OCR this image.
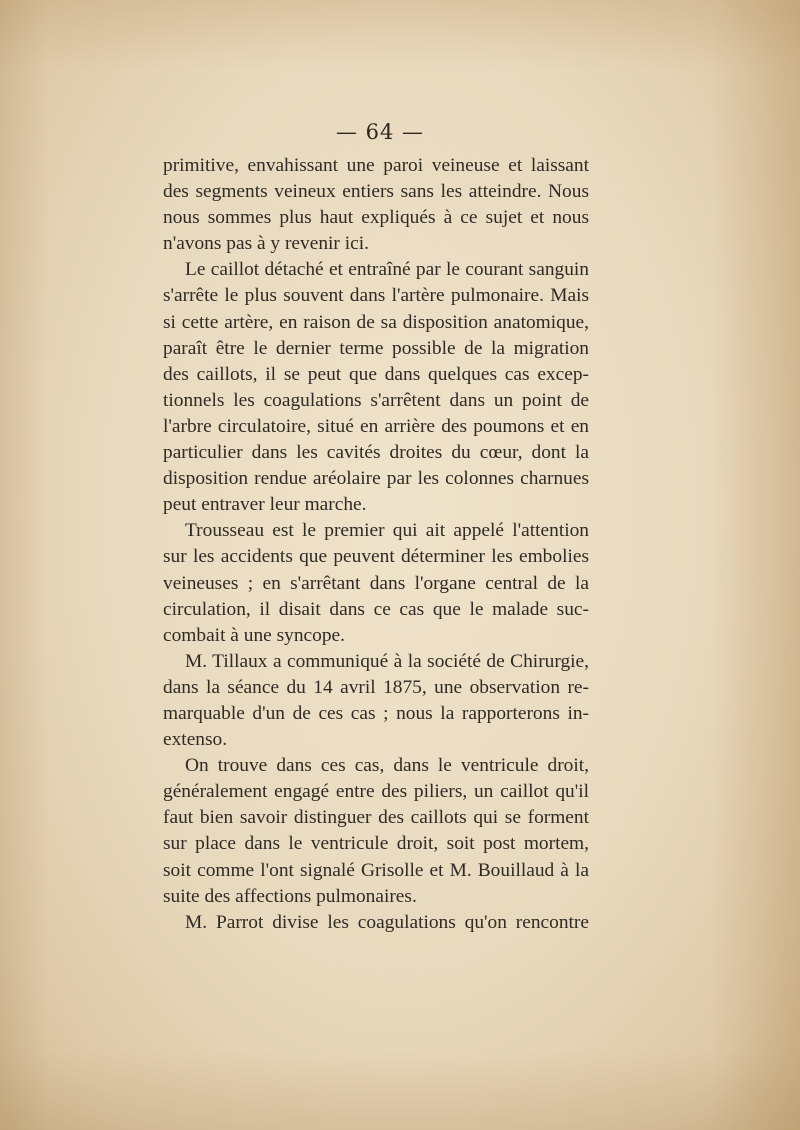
— 64 —
primitive, envahissant une paroi veineuse et laissant
des segments veineux entiers sans les atteindre. Nous
nous sommes plus haut expliqués à ce sujet et nous
n'avons pas à y revenir ici.
Le caillot détaché et entraîné par le courant sanguin
s'arrête le plus souvent dans l'artère pulmonaire. Mais
si cette artère, en raison de sa disposition anatomique,
paraît être le dernier terme possible de la migration
des caillots, il se peut que dans quelques cas excep-
tionnels les coagulations s'arrêtent dans un point de
l'arbre circulatoire, situé en arrière des poumons et en
particulier dans les cavités droites du cœur, dont la
disposition rendue aréolaire par les colonnes charnues
peut entraver leur marche.
Trousseau est le premier qui ait appelé l'attention
sur les accidents que peuvent déterminer les embolies
veineuses ; en s'arrêtant dans l'organe central de la
circulation, il disait dans ce cas que le malade suc-
combait à une syncope.
M. Tillaux a communiqué à la société de Chirurgie,
dans la séance du 14 avril 1875, une observation re-
marquable d'un de ces cas ; nous la rapporterons in-
extenso.
On trouve dans ces cas, dans le ventricule droit,
généralement engagé entre des piliers, un caillot qu'il
faut bien savoir distinguer des caillots qui se forment
sur place dans le ventricule droit, soit post mortem,
soit comme l'ont signalé Grisolle et M. Bouillaud à la
suite des affections pulmonaires.
M. Parrot divise les coagulations qu'on rencontre
